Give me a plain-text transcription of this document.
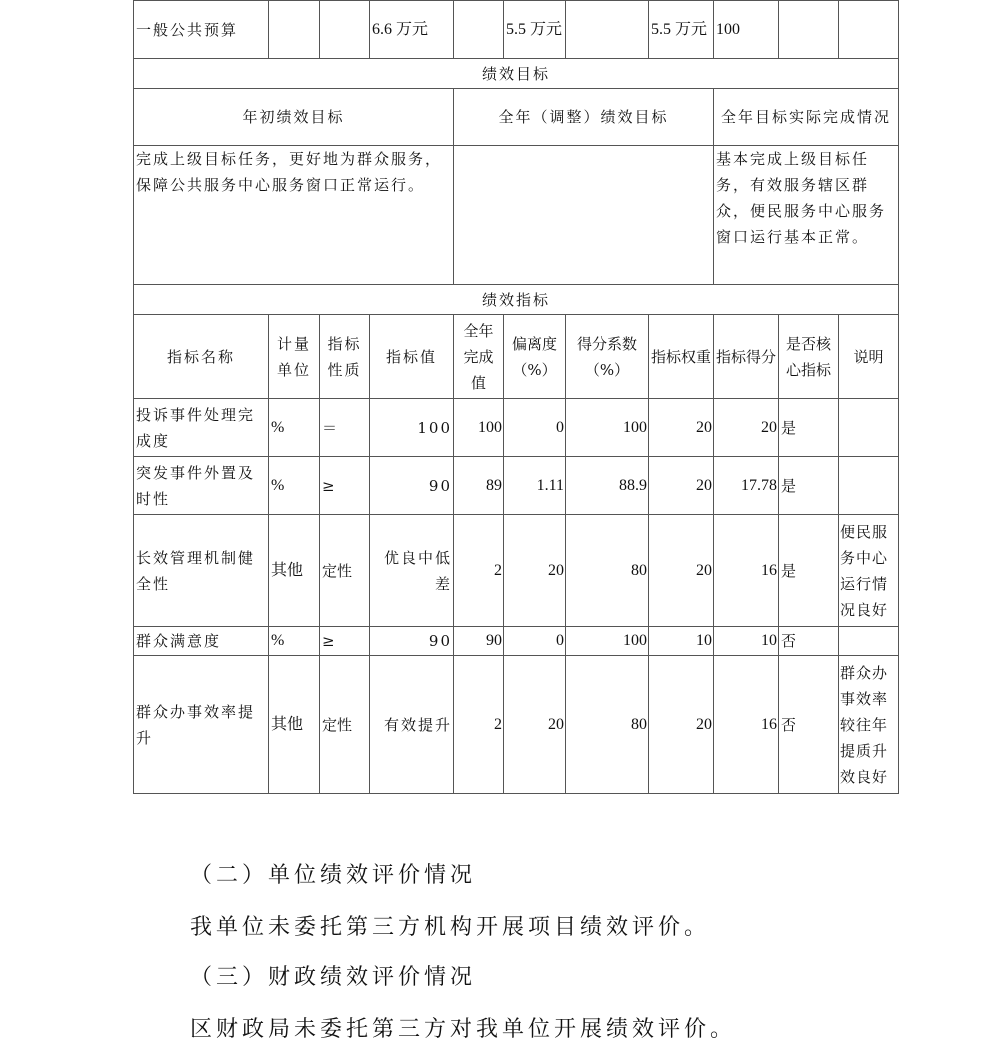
一般公共预算			6.6 万元		5.5 万元		5.5 万元	100		
绩效目标										
年初绩效目标				全年（调整）绩效目标				全年目标实际完成情况		
完成上级目标任务，更好地为群众服务，保障公共服务中心服务窗口正常运行。								基本完成上级目标任务，有效服务辖区群众，便民服务中心服务窗口运行基本正常。		
绩效指标										
指标名称	计量单位	指标性质	指标值	全年完成值	偏离度（%）	得分系数（%）	指标权重	指标得分	是否核心指标	说明
投诉事件处理完成度	%	＝	100	100	0	100	20	20	是	
突发事件外置及时性	%	≥	90	89	1.11	88.9	20	17.78	是	
长效管理机制健全性	其他	定性	优良中低差	2	20	80	20	16	是	便民服务中心运行情况良好
群众满意度	%	≥	90	90	0	100	10	10	否	
群众办事效率提升	其他	定性	有效提升	2	20	80	20	16	否	群众办事效率较往年提质升效良好
（二）单位绩效评价情况
我单位未委托第三方机构开展项目绩效评价。
（三）财政绩效评价情况
区财政局未委托第三方对我单位开展绩效评价。
